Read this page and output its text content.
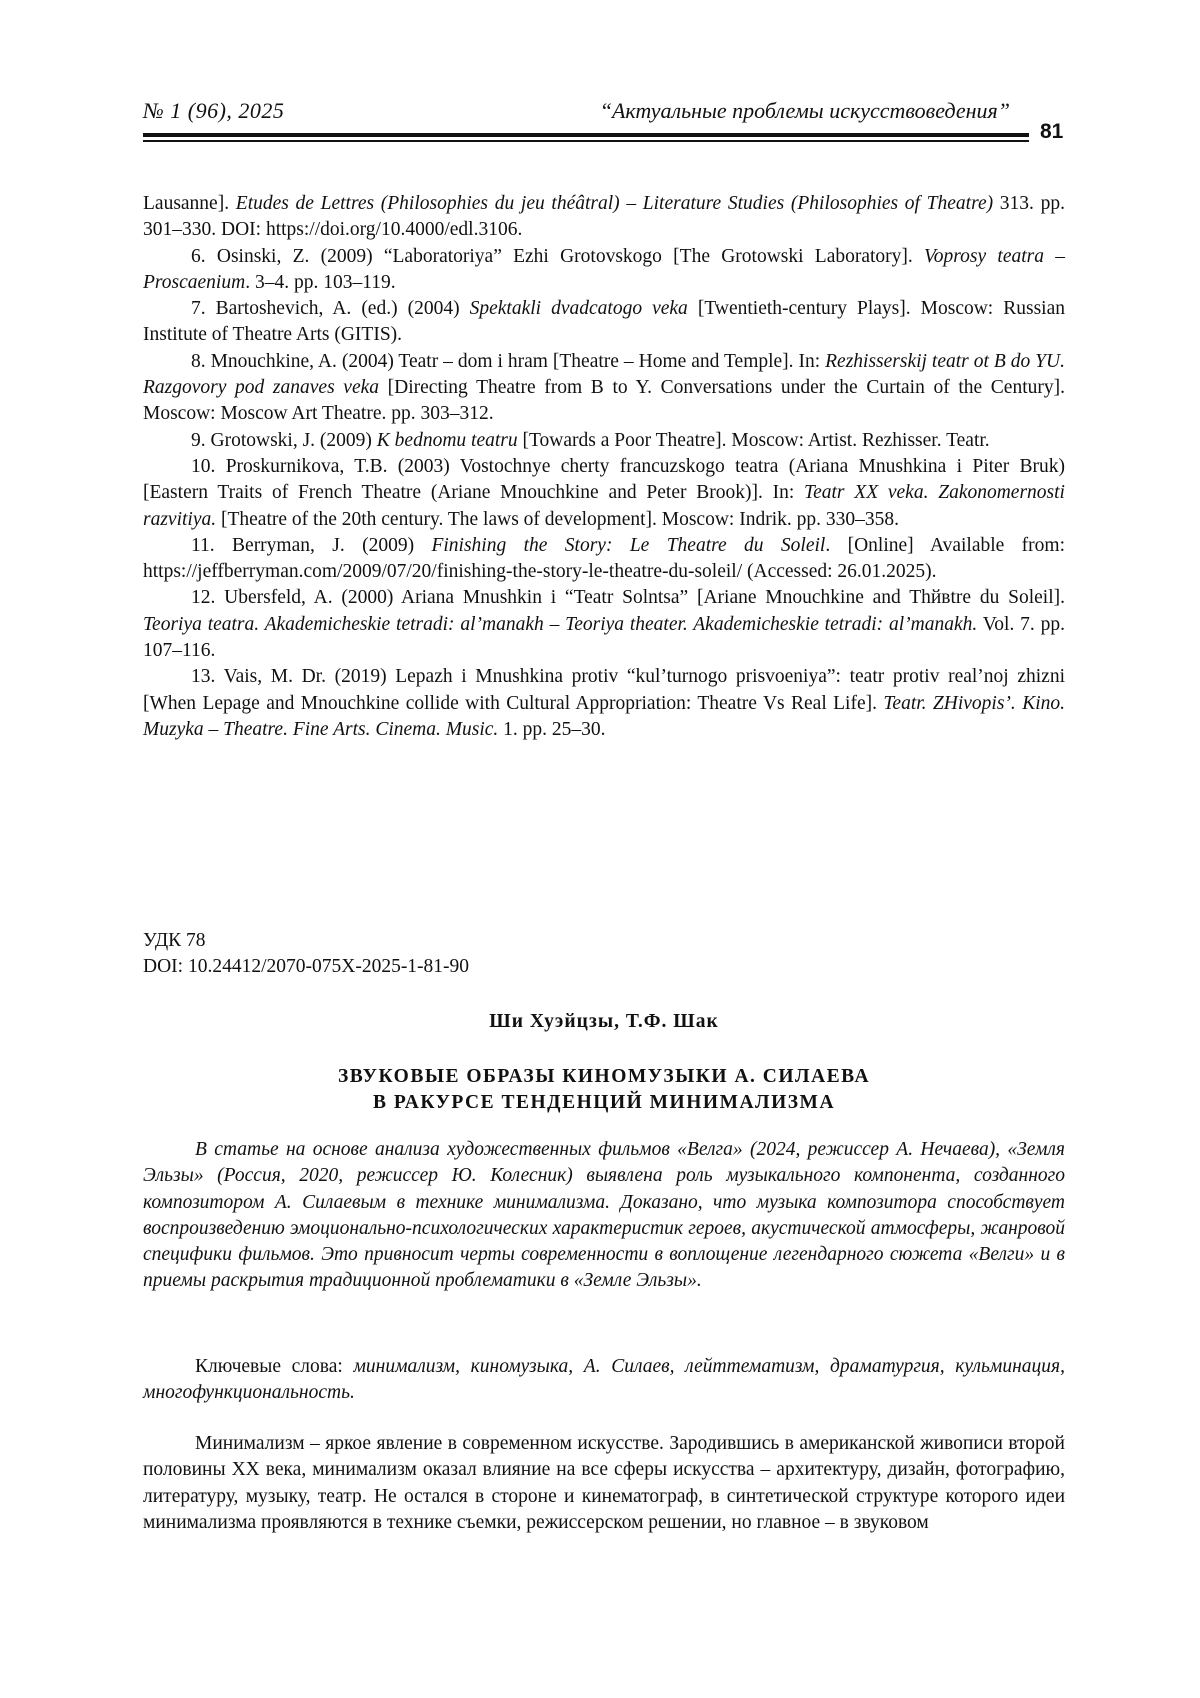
№ 1 (96), 2025	“Актуальные проблемы искусствоведения”
81

Lausanne]. Etudes de Lettres (Philosophies du jeu théâtral) – Literature Studies (Philosophies of Theatre) 313. pp. 301–330. DOI: https://doi.org/10.4000/edl.3106.

6. Osinski, Z. (2009) “Laboratoriya” Ezhi Grotovskogo [The Grotowski Laboratory]. Voprosy teatra – Proscaenium. 3–4. pp. 103–119.

7. Bartoshevich, A. (ed.) (2004) Spektakli dvadcatogo veka [Twentieth-century Plays]. Moscow: Russian Institute of Theatre Arts (GITIS).

8. Mnouchkine, A. (2004) Teatr – dom i hram [Theatre – Home and Temple]. In: Rezhisserskij teatr ot B do YU. Razgovory pod zanaves veka [Directing Theatre from B to Y. Conversations under the Curtain of the Century]. Moscow: Moscow Art Theatre. pp. 303–312.

9. Grotowski, J. (2009) K bednomu teatru [Towards a Poor Theatre]. Moscow: Artist. Rezhisser. Teatr.

10. Proskurnikova, T.B. (2003) Vostochnye cherty francuzskogo teatra (Ariana Mnushkina i Piter Bruk) [Eastern Traits of French Theatre (Ariane Mnouchkine and Peter Brook)]. In: Teatr XX veka. Zakonomernosti razvitiya. [Theatre of the 20th century. The laws of development]. Moscow: Indrik. pp. 330–358.

11. Berryman, J. (2009) Finishing the Story: Le Theatre du Soleil. [Online] Available from: https://jeffberryman.com/2009/07/20/finishing-the-story-le-theatre-du-soleil/ (Accessed: 26.01.2025).

12. Ubersfeld, A. (2000) Ariana Mnushkin i “Teatr Solntsa” [Ariane Mnouchkine and Thйвtre du Soleil]. Teoriya teatra. Akademicheskie tetradi: al’manakh – Teoriya theater. Akademicheskie tetradi: al’manakh. Vol. 7. pp. 107–116.

13. Vais, M. Dr. (2019) Lepazh i Mnushkina protiv “kul’turnogo prisvoeniya”: teatr protiv real’noj zhizni [When Lepage and Mnouchkine collide with Cultural Appropriation: Theatre Vs Real Life]. Teatr. ZHivopis’. Kino. Muzyka – Theatre. Fine Arts. Cinema. Music. 1. pp. 25–30.

УДК 78
DOI: 10.24412/2070-075X-2025-1-81-90
Ши Хуэйцзы, Т.Ф. Шак
ЗВУКОВЫЕ ОБРАЗЫ КИНОМУЗЫКИ А. СИЛАЕВА
В РАКУРСЕ ТЕНДЕНЦИЙ МИНИМАЛИЗМА

В статье на основе анализа художественных фильмов «Велга» (2024, режиссер А. Нечаева), «Земля Эльзы» (Россия, 2020, режиссер Ю. Колесник) выявлена роль музыкального компонента, созданного композитором А. Силаевым в технике минимализма. Доказано, что музыка композитора способствует воспроизведению эмоционально-психологических характеристик героев, акустической атмосферы, жанровой специфики фильмов. Это привносит черты современности в воплощение легендарного сюжета «Велги» и в приемы раскрытия традиционной проблематики в «Земле Эльзы».

Ключевые слова: минимализм, киномузыка, А. Силаев, лейттематизм, драматургия, кульминация, многофункциональность.
Минимализм – яркое явление в современном искусстве. Зародившись в американской живописи второй половины XX века, минимализм оказал влияние на все сферы искусства – архитектуру, дизайн, фотографию, литературу, музыку, театр. Не остался в стороне и кинематограф, в синтетической структуре которого идеи минимализма проявляются в технике съемки, режиссерском решении, но главное – в звуковом
